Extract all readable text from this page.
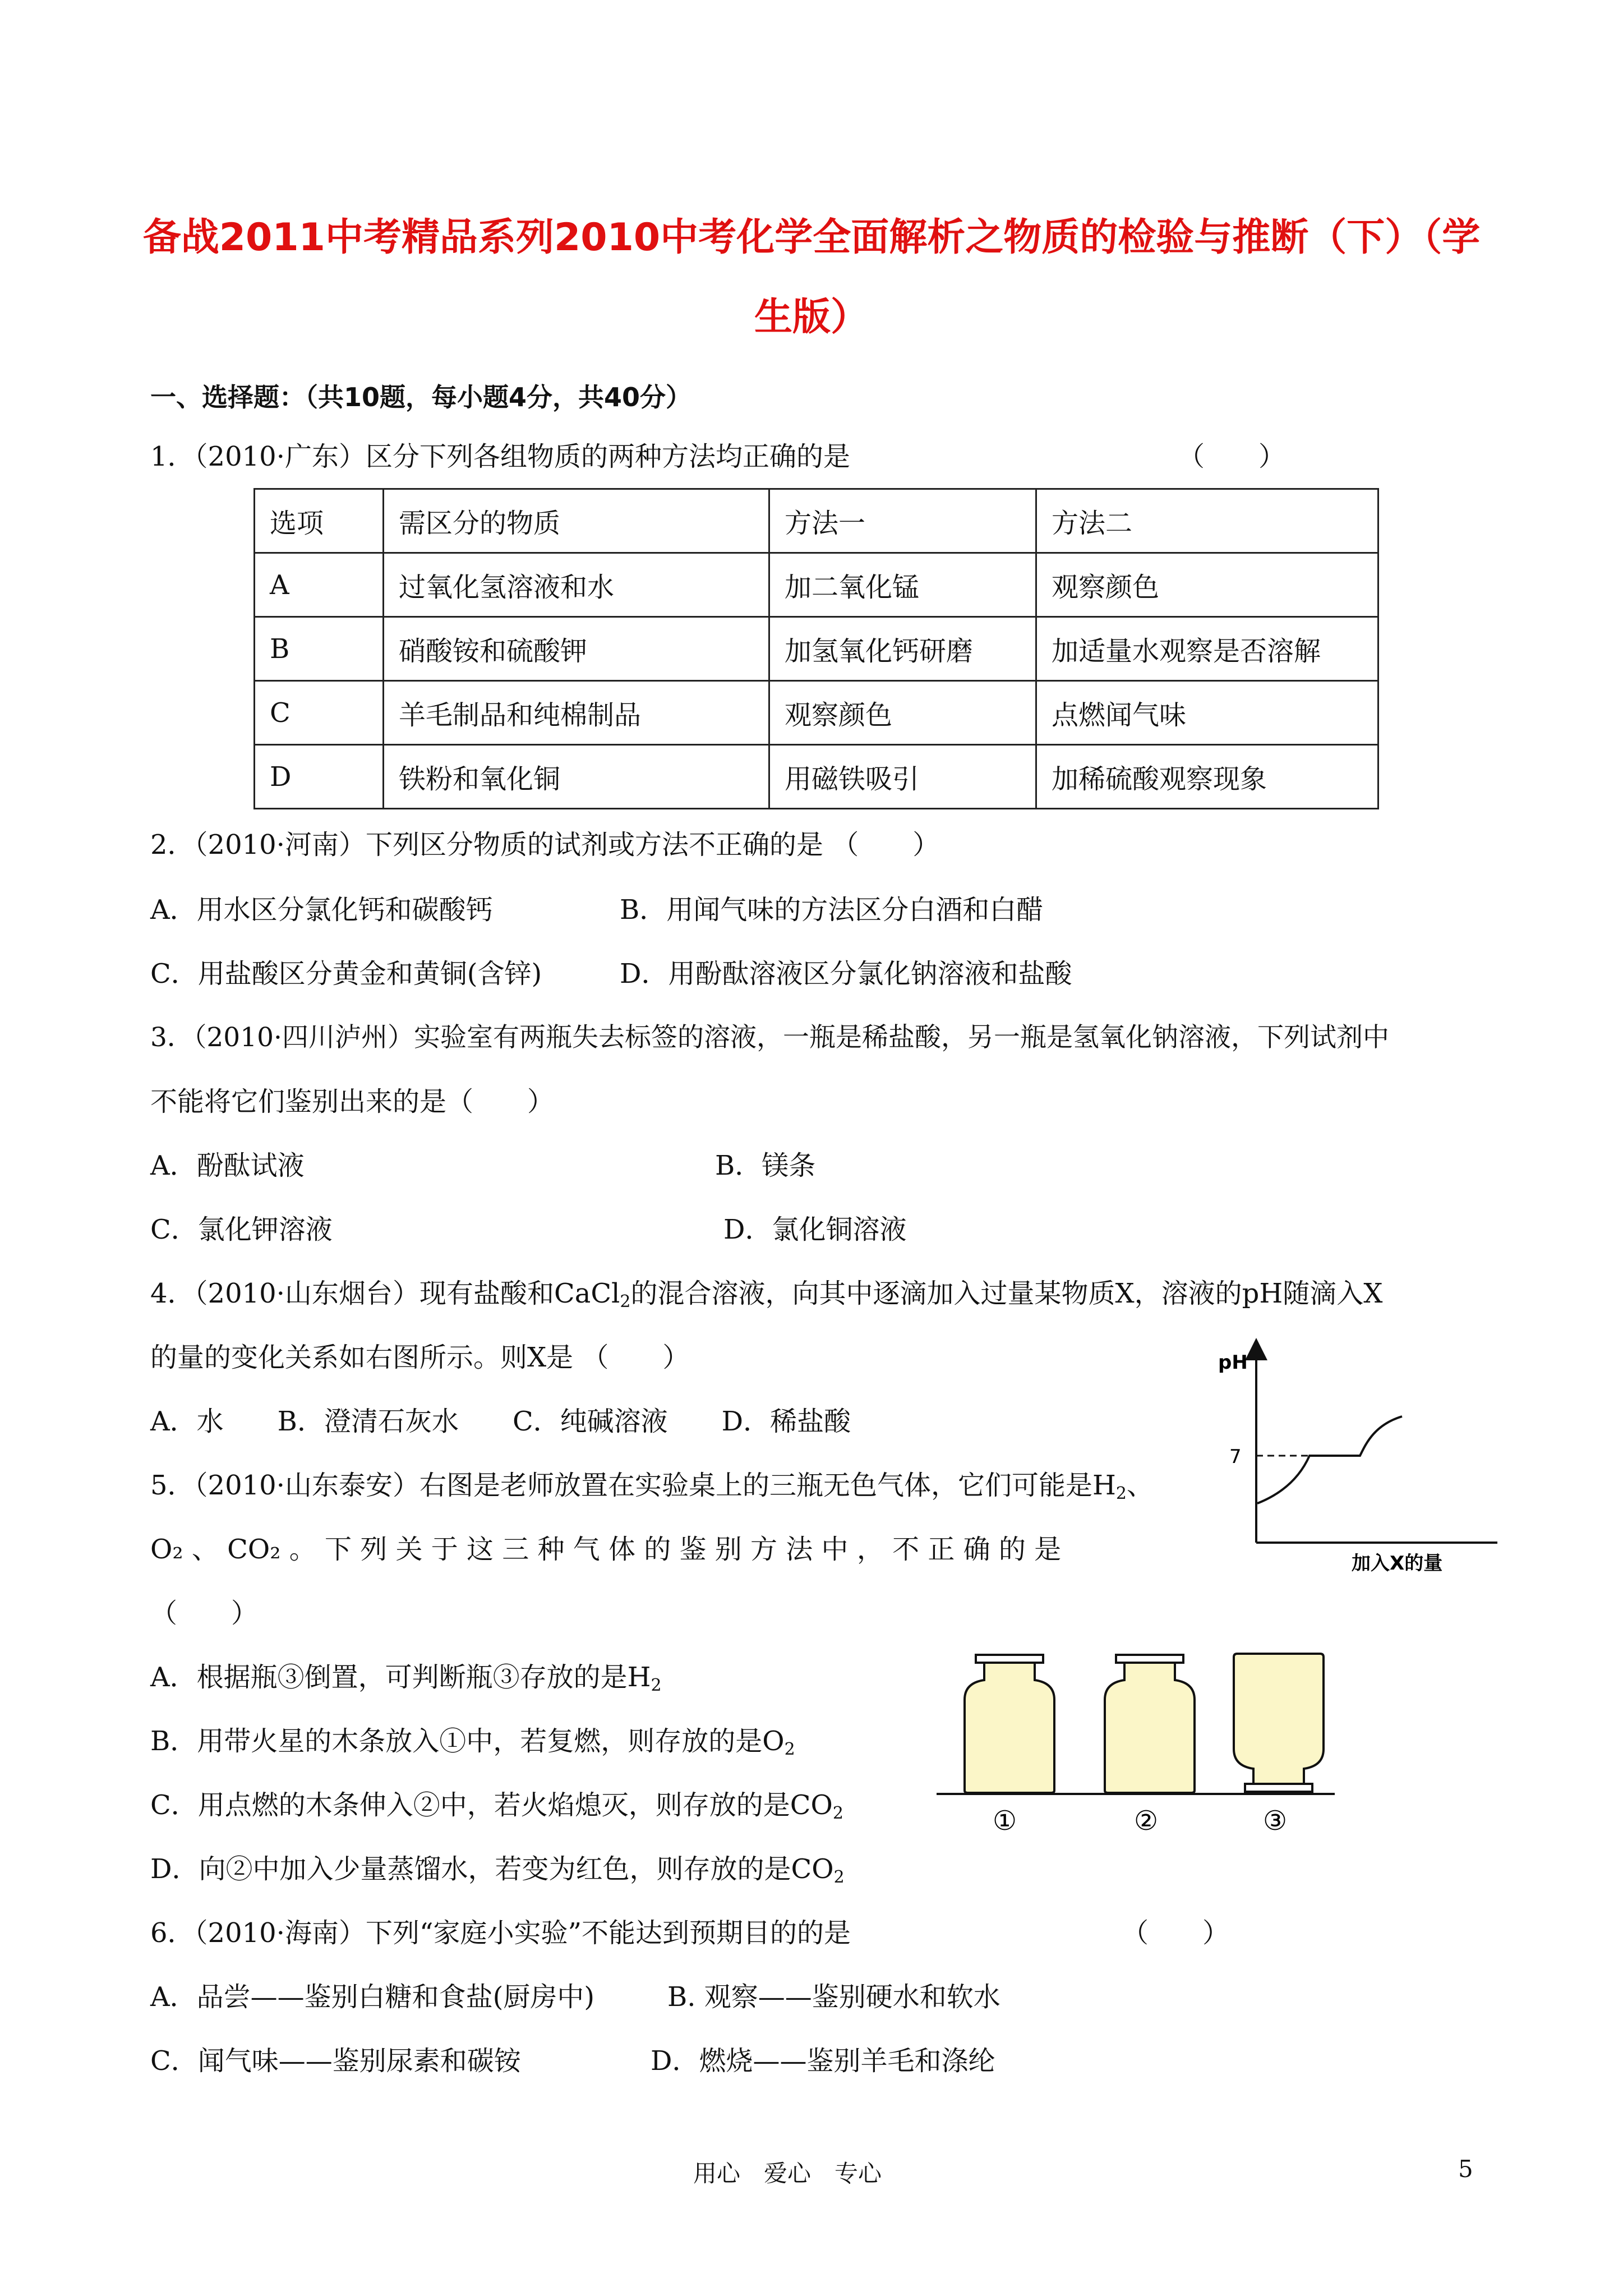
备战2011中考精品系列2010中考化学全面解析之物质的检验与推断（下）（学
生版）
一、选择题：（共10题，每小题4分，共40分）
1．（2010·广东）区分下列各组物质的两种方法均正确的是	（　　）
选项	需区分的物质	方法一	方法二
A	过氧化氢溶液和水	加二氧化锰	观察颜色
B	硝酸铵和硫酸钾	加氢氧化钙研磨	加适量水观察是否溶解
C	羊毛制品和纯棉制品	观察颜色	点燃闻气味
D	铁粉和氧化铜	用磁铁吸引	加稀硫酸观察现象
2．（2010·河南）下列区分物质的试剂或方法不正确的是 （　　）
A．用水区分氯化钙和碳酸钙	B．用闻气味的方法区分白酒和白醋
C．用盐酸区分黄金和黄铜(含锌)	D．用酚酞溶液区分氯化钠溶液和盐酸
3．（2010·四川泸州）实验室有两瓶失去标签的溶液，一瓶是稀盐酸，另一瓶是氢氧化钠溶液，下列试剂中
不能将它们鉴别出来的是（　　）
A．酚酞试液	B．镁条
C．氯化钾溶液	D．氯化铜溶液
4．（2010·山东烟台）现有盐酸和CaCl$_2$的混合溶液，向其中逐滴加入过量某物质X，溶液的pH随滴入X
的量的变化关系如右图所示。则X是 （　　）
A．水　　B．澄清石灰水　　C．纯碱溶液　　D．稀盐酸
pH
7
加入X的量
5．（2010·山东泰安）右图是老师放置在实验桌上的三瓶无色气体，它们可能是$H_2$、
O₂ 、 CO₂ 。 下 列 关 于 这 三 种 气 体 的 鉴 别 方 法 中 ， 不 正 确 的 是
（　　）
A．根据瓶③倒置，可判断瓶③存放的是$H_2$
B．用带火星的木条放入①中，若复燃，则存放的是$O_2$
C．用点燃的木条伸入②中，若火焰熄灭，则存放的是$CO_2$
D．向②中加入少量蒸馏水，若变为红色，则存放的是$CO_2$
①	②	③
6．（2010·海南）下列“家庭小实验”不能达到预期目的的是	（　　）
A．品尝——鉴别白糖和食盐(厨房中)	B. 观察——鉴别硬水和软水
C．闻气味——鉴别尿素和碳铵	D．燃烧——鉴别羊毛和涤纶
用心　爱心　专心	5
